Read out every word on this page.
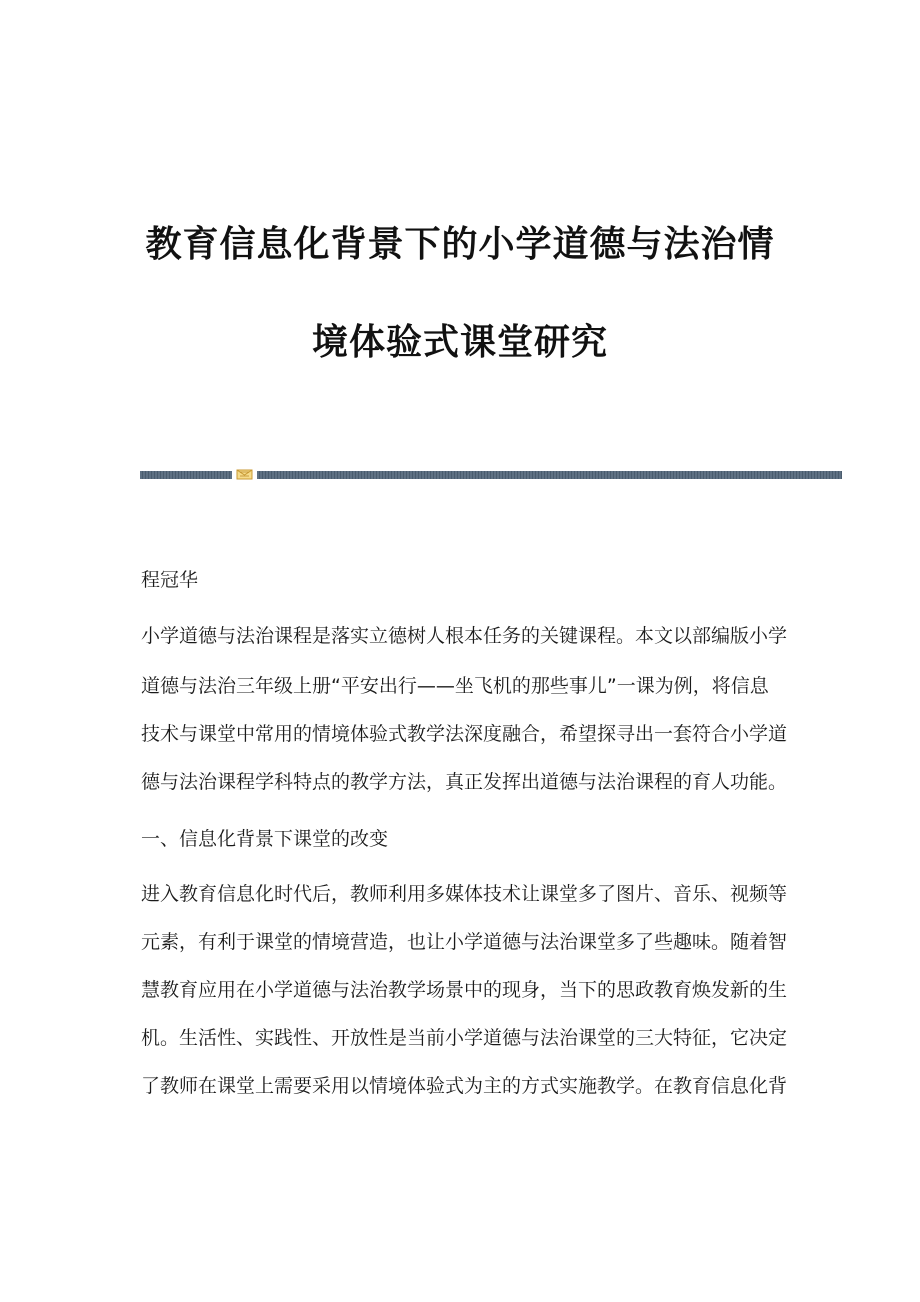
教育信息化背景下的小学道德与法治情
境体验式课堂研究
程冠华
小学道德与法治课程是落实立德树人根本任务的关键课程。本文以部编版小学
道德与法治三年级上册“平安出行——坐飞机的那些事儿”一课为例，将信息
技术与课堂中常用的情境体验式教学法深度融合，希望探寻出一套符合小学道
德与法治课程学科特点的教学方法，真正发挥出道德与法治课程的育人功能。
一、信息化背景下课堂的改变
进入教育信息化时代后，教师利用多媒体技术让课堂多了图片、音乐、视频等
元素，有利于课堂的情境营造，也让小学道德与法治课堂多了些趣味。随着智
慧教育应用在小学道德与法治教学场景中的现身，当下的思政教育焕发新的生
机。生活性、实践性、开放性是当前小学道德与法治课堂的三大特征，它决定
了教师在课堂上需要采用以情境体验式为主的方式实施教学。在教育信息化背
